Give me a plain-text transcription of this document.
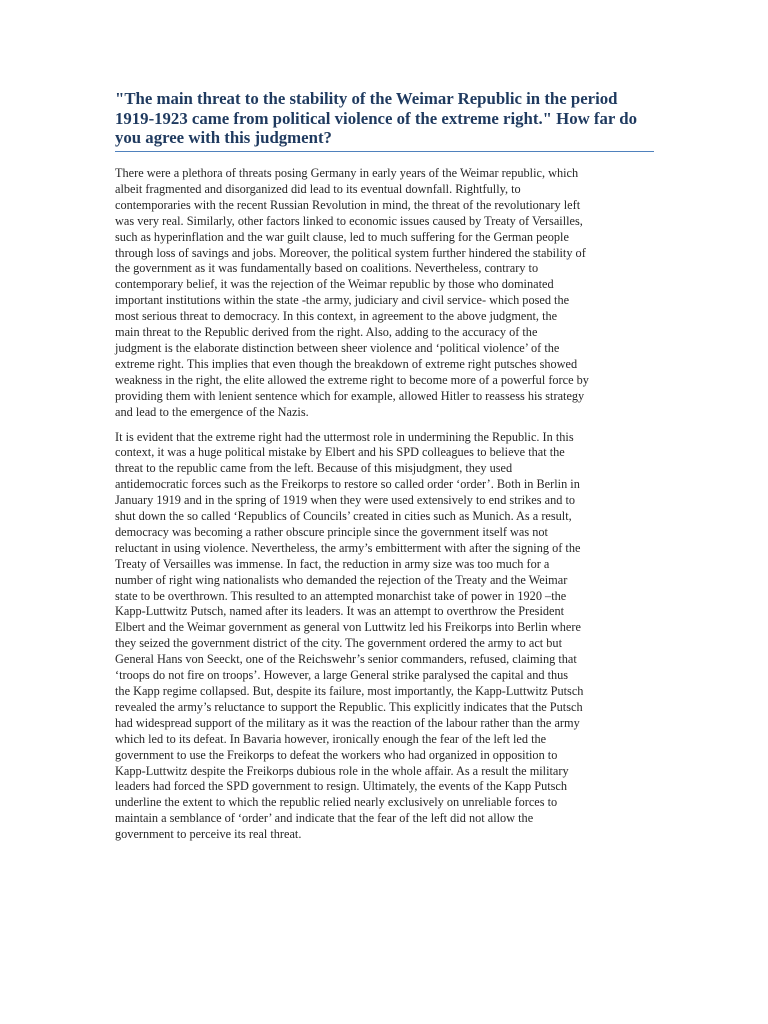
"The main threat to the stability of the Weimar Republic in the period 1919-1923 came from political violence of the extreme right." How far do you agree with this judgment?

There were a plethora of threats posing Germany in early years of the Weimar republic, which
albeit fragmented and disorganized did lead to its eventual downfall. Rightfully, to
contemporaries with the recent Russian Revolution in mind, the threat of the revolutionary left
was very real. Similarly, other factors linked to economic issues caused by Treaty of Versailles,
such as hyperinflation and the war guilt clause, led to much suffering for the German people
through loss of savings and jobs. Moreover, the political system further hindered the stability of
the government as it was fundamentally based on coalitions. Nevertheless, contrary to
contemporary belief, it was the rejection of the Weimar republic by those who dominated
important institutions within the state -the army, judiciary and civil service- which posed the
most serious threat to democracy. In this context, in agreement to the above judgment, the
main threat to the Republic derived from the right. Also, adding to the accuracy of the
judgment is the elaborate distinction between sheer violence and ‘political violence’ of the
extreme right. This implies that even though the breakdown of extreme right putsches showed
weakness in the right, the elite allowed the extreme right to become more of a powerful force by
providing them with lenient sentence which for example, allowed Hitler to reassess his strategy
and lead to the emergence of the Nazis.

It is evident that the extreme right had the uttermost role in undermining the Republic. In this
context, it was a huge political mistake by Elbert and his SPD colleagues to believe that the
threat to the republic came from the left. Because of this misjudgment, they used
antidemocratic forces such as the Freikorps to restore so called order ‘order’. Both in Berlin in
January 1919 and in the spring of 1919 when they were used extensively to end strikes and to
shut down the so called ‘Republics of Councils’ created in cities such as Munich. As a result,
democracy was becoming a rather obscure principle since the government itself was not
reluctant in using violence. Nevertheless, the army’s embitterment with after the signing of the
Treaty of Versailles was immense. In fact, the reduction in army size was too much for a
number of right wing nationalists who demanded the rejection of the Treaty and the Weimar
state to be overthrown. This resulted to an attempted monarchist take of power in 1920 –the
Kapp-Luttwitz Putsch, named after its leaders. It was an attempt to overthrow the President
Elbert and the Weimar government as general von Luttwitz led his Freikorps into Berlin where
they seized the government district of the city. The government ordered the army to act but
General Hans von Seeckt, one of the Reichswehr’s senior commanders, refused, claiming that
‘troops do not fire on troops’. However, a large General strike paralysed the capital and thus
the Kapp regime collapsed. But, despite its failure, most importantly, the Kapp-Luttwitz Putsch
revealed the army’s reluctance to support the Republic. This explicitly indicates that the Putsch
had widespread support of the military as it was the reaction of the labour rather than the army
which led to its defeat. In Bavaria however, ironically enough the fear of the left led the
government to use the Freikorps to defeat the workers who had organized in opposition to
Kapp-Luttwitz despite the Freikorps dubious role in the whole affair. As a result the military
leaders had forced the SPD government to resign. Ultimately, the events of the Kapp Putsch
underline the extent to which the republic relied nearly exclusively on unreliable forces to
maintain a semblance of ‘order’ and indicate that the fear of the left did not allow the
government to perceive its real threat.
